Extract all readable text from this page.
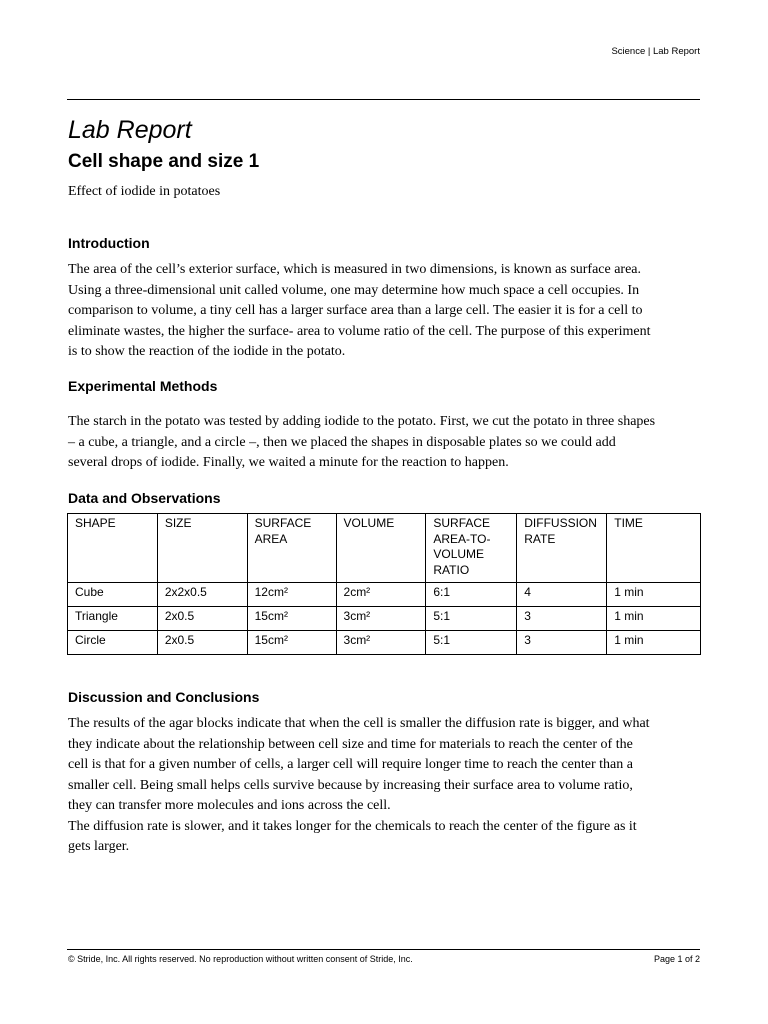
Science | Lab Report
Lab Report
Cell shape and size 1
Effect of iodide in potatoes
Introduction
The area of the cell’s exterior surface, which is measured in two dimensions, is known as surface area.
Using a three-dimensional unit called volume, one may determine how much space a cell occupies. In
comparison to volume, a tiny cell has a larger surface area than a large cell. The easier it is for a cell to
eliminate wastes, the higher the surface- area to volume ratio of the cell. The purpose of this experiment
is to show the reaction of the iodide in the potato.
Experimental Methods
The starch in the potato was tested by adding iodide to the potato. First, we cut the potato in three shapes
– a cube, a triangle, and a circle –, then we placed the shapes in disposable plates so we could add
several drops of iodide. Finally, we waited a minute for the reaction to happen.
Data and Observations
SHAPE	SIZE	SURFACE AREA	VOLUME	SURFACE AREA-TO-VOLUME RATIO	DIFFUSSION RATE	TIME
Cube	2x2x0.5	12cm²	2cm²	6:1	4	1 min
Triangle	2x0.5	15cm²	3cm²	5:1	3	1 min
Circle	2x0.5	15cm²	3cm²	5:1	3	1 min
Discussion and Conclusions
The results of the agar blocks indicate that when the cell is smaller the diffusion rate is bigger, and what
they indicate about the relationship between cell size and time for materials to reach the center of the
cell is that for a given number of cells, a larger cell will require longer time to reach the center than a
smaller cell. Being small helps cells survive because by increasing their surface area to volume ratio,
they can transfer more molecules and ions across the cell.
The diffusion rate is slower, and it takes longer for the chemicals to reach the center of the figure as it
gets larger.
© Stride, Inc. All rights reserved. No reproduction without written consent of Stride, Inc.	Page 1 of 2
